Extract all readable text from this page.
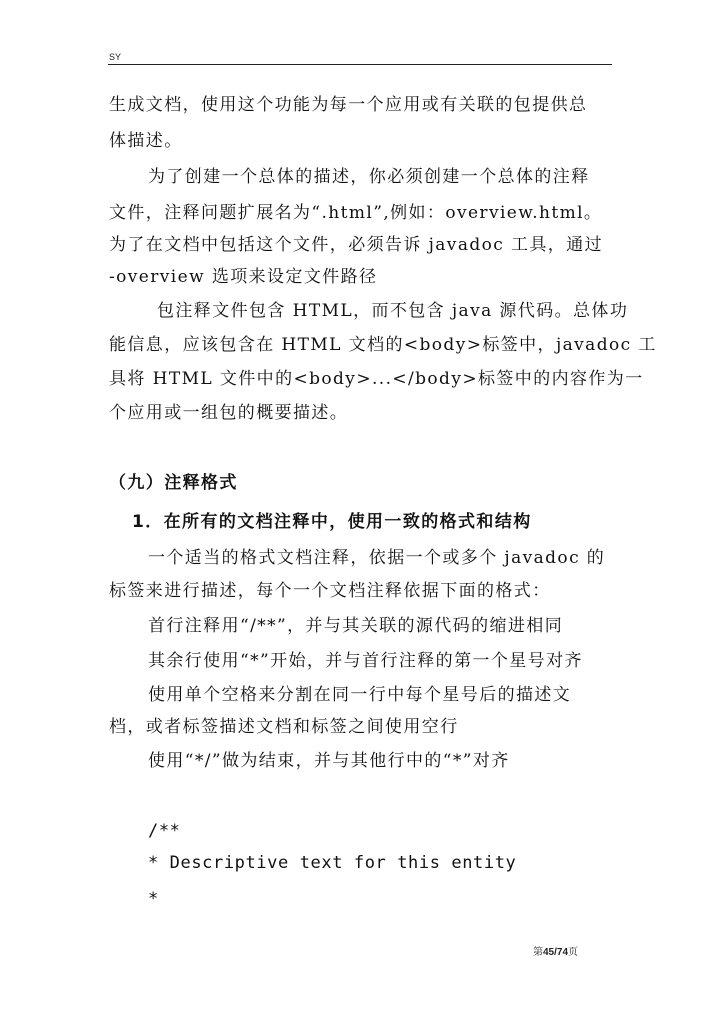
SY
生成文档，使用这个功能为每一个应用或有关联的包提供总
体描述。
为了创建一个总体的描述，你必须创建一个总体的注释
文件，注释问题扩展名为“.html”,例如：overview.html。
为了在文档中包括这个文件，必须告诉 javadoc 工具，通过
-overview 选项来设定文件路径
包注释文件包含 HTML，而不包含 java 源代码。总体功
能信息，应该包含在 HTML 文档的<body>标签中，javadoc 工
具将 HTML 文件中的<body>...</body>标签中的内容作为一
个应用或一组包的概要描述。
（九）注释格式
1．在所有的文档注释中，使用一致的格式和结构
一个适当的格式文档注释，依据一个或多个 javadoc 的
标签来进行描述，每个一个文档注释依据下面的格式：
首行注释用“/**”，并与其关联的源代码的缩进相同
其余行使用“*”开始，并与首行注释的第一个星号对齐
使用单个空格来分割在同一行中每个星号后的描述文
档，或者标签描述文档和标签之间使用空行
使用“*/”做为结束，并与其他行中的“*”对齐
/**
* Descriptive text for this entity
*
第45/74页
